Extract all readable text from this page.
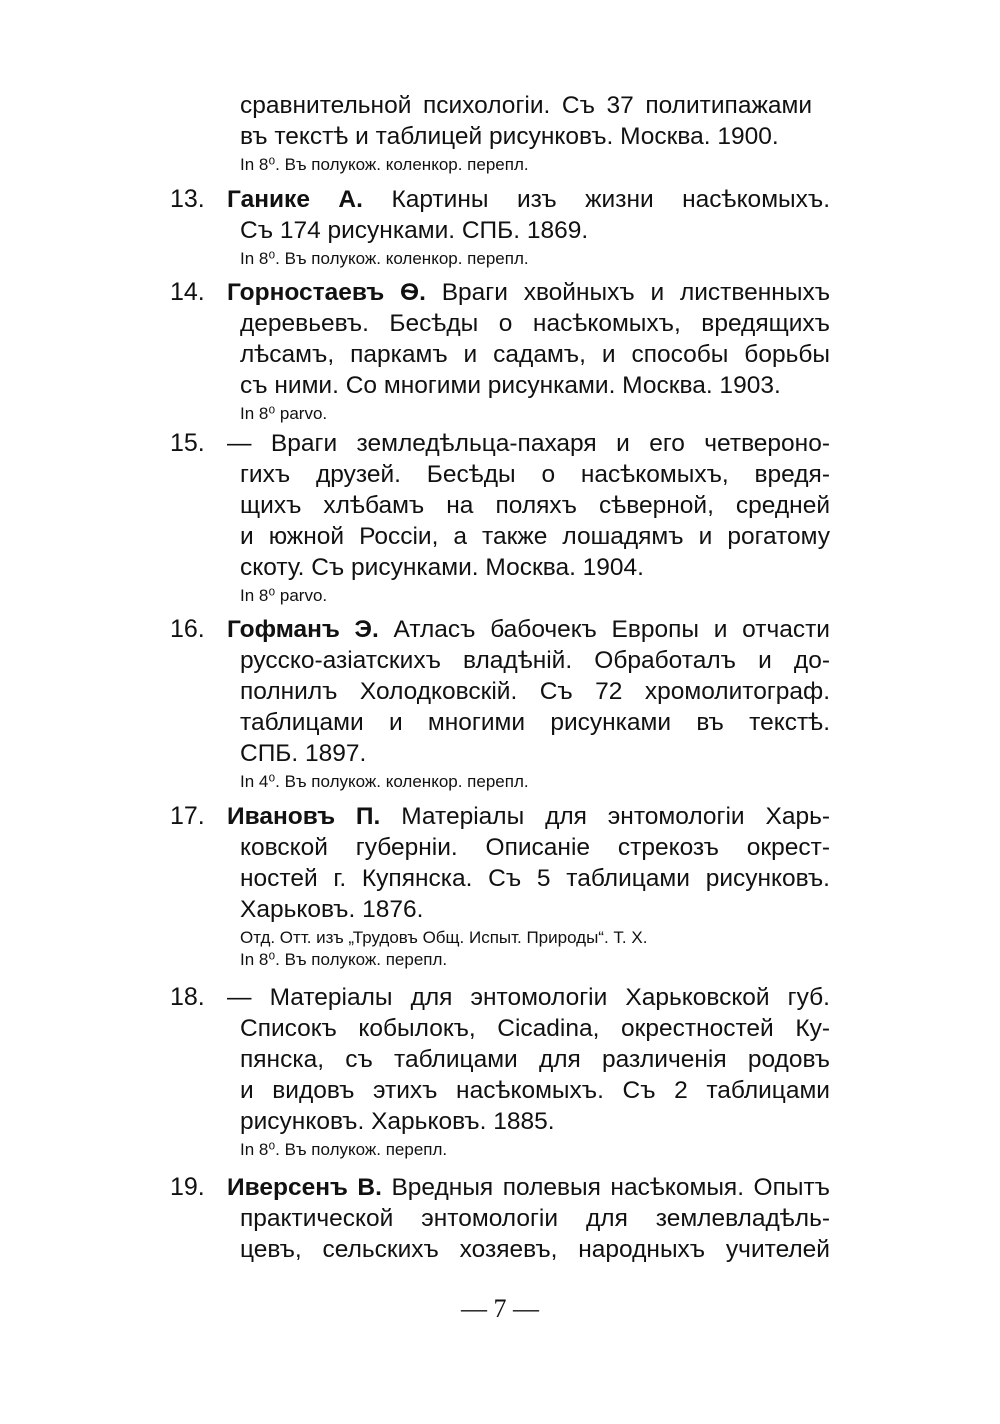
сравнительной психологіи. Съ 37 политипажами
въ текстѣ и таблицей рисунковъ. Москва. 1900.
In 8⁰. Въ полукож. коленкор. перепл.
13. Ганике А. Картины изъ жизни насѣкомыхъ.
Съ 174 рисунками. СПБ. 1869.
In 8⁰. Въ полукож. коленкор. перепл.
14. Горностаевъ Ѳ. Враги хвойныхъ и лиственныхъ
деревьевъ. Бесѣды о насѣкомыхъ, вредящихъ
лѣсамъ, паркамъ и садамъ, и способы борьбы
съ ними. Со многими рисунками. Москва. 1903.
In 8⁰ parvo.
15. — Враги земледѣльца-пахаря и его четвероно-
гихъ друзей. Бесѣды о насѣкомыхъ, вредя-
щихъ хлѣбамъ на поляхъ сѣверной, средней
и южной Россіи, а также лошадямъ и рогатому
скоту. Съ рисунками. Москва. 1904.
In 8⁰ parvo.
16. Гофманъ Э. Атласъ бабочекъ Европы и отчасти
русско-азіатскихъ владѣній. Обработалъ и до-
полнилъ Холодковскій. Съ 72 хромолитограф.
таблицами и многими рисунками въ текстѣ.
СПБ. 1897.
In 4⁰. Въ полукож. коленкор. перепл.
17. Ивановъ П. Матеріалы для энтомологіи Харь-
ковской губерніи. Описаніе стрекозъ окрест-
ностей г. Купянска. Съ 5 таблицами рисунковъ.
Харьковъ. 1876.
Отд. Отт. изъ „Трудовъ Общ. Испыт. Природы“. Т. X.
In 8⁰. Въ полукож. перепл.
18. — Матеріалы для энтомологіи Харьковской губ.
Списокъ кобылокъ, Cicadina, окрестностей Ку-
пянска, съ таблицами для различенія родовъ
и видовъ этихъ насѣкомыхъ. Съ 2 таблицами
рисунковъ. Харьковъ. 1885.
In 8⁰. Въ полукож. перепл.
19. Иверсенъ В. Вредныя полевыя насѣкомыя. Опытъ
практической энтомологіи для землевладѣль-
цевъ, сельскихъ хозяевъ, народныхъ учителей
— 7 —
